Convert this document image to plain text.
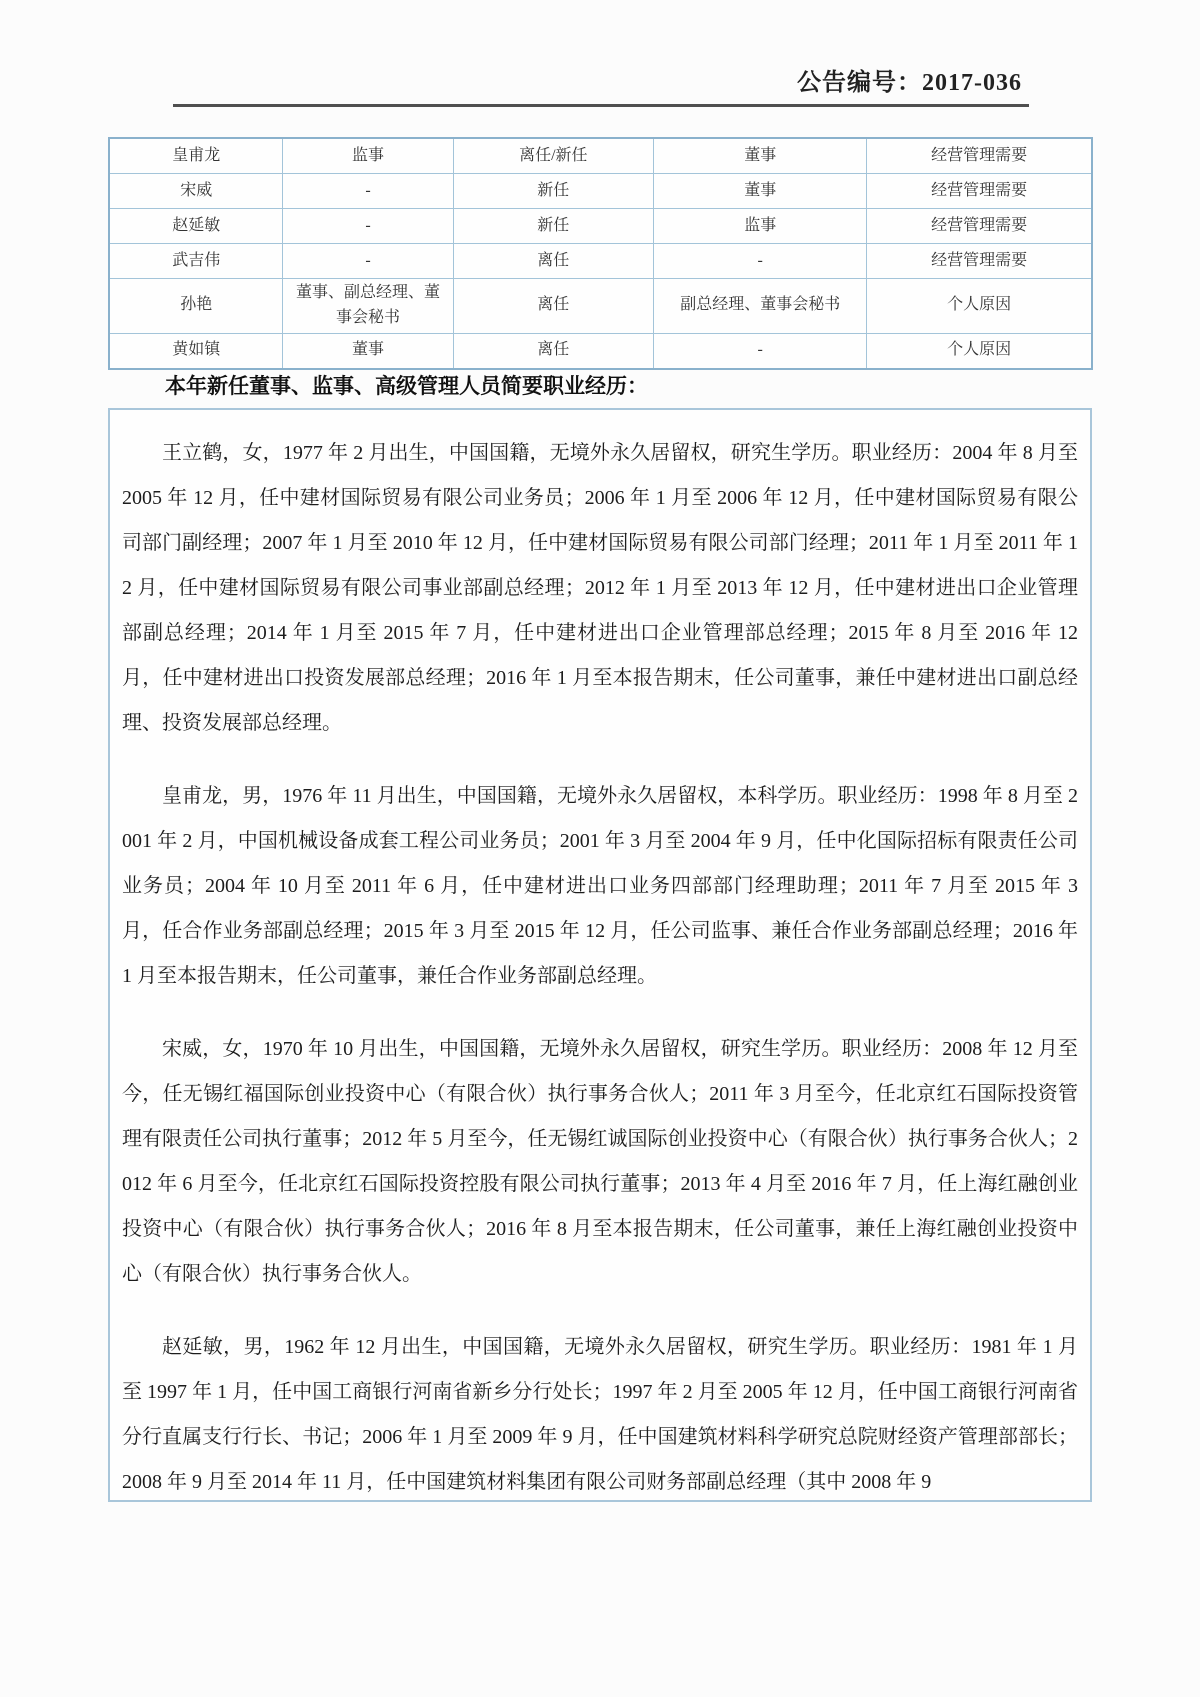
公告编号：2017-036
皇甫龙	监事	离任/新任	董事	经营管理需要
宋威	-	新任	董事	经营管理需要
赵延敏	-	新任	监事	经营管理需要
武吉伟	-	离任	-	经营管理需要
孙艳	董事、副总经理、董事会秘书	离任	副总经理、董事会秘书	个人原因
黄如镇	董事	离任	-	个人原因
本年新任董事、监事、高级管理人员简要职业经历：

王立鹤，女，1977 年 2 月出生，中国国籍，无境外永久居留权，研究生学历。职业经历：2004 年 8 月至 2005 年 12 月，任中建材国际贸易有限公司业务员；2006 年 1 月至 2006 年 12 月，任中建材国际贸易有限公司部门副经理；2007 年 1 月至 2010 年 12 月，任中建材国际贸易有限公司部门经理；2011 年 1 月至 2011 年 12 月，任中建材国际贸易有限公司事业部副总经理；2012 年 1 月至 2013 年 12 月，任中建材进出口企业管理部副总经理；2014 年 1 月至 2015 年 7 月，任中建材进出口企业管理部总经理；2015 年 8 月至 2016 年 12 月，任中建材进出口投资发展部总经理；2016 年 1 月至本报告期末，任公司董事，兼任中建材进出口副总经理、投资发展部总经理。

皇甫龙，男，1976 年 11 月出生，中国国籍，无境外永久居留权，本科学历。职业经历：1998 年 8 月至 2001 年 2 月，中国机械设备成套工程公司业务员；2001 年 3 月至 2004 年 9 月，任中化国际招标有限责任公司业务员；2004 年 10 月至 2011 年 6 月，任中建材进出口业务四部部门经理助理；2011 年 7 月至 2015 年 3 月，任合作业务部副总经理；2015 年 3 月至 2015 年 12 月，任公司监事、兼任合作业务部副总经理；2016 年 1 月至本报告期末，任公司董事，兼任合作业务部副总经理。

宋威，女，1970 年 10 月出生，中国国籍，无境外永久居留权，研究生学历。职业经历：2008 年 12 月至今，任无锡红福国际创业投资中心（有限合伙）执行事务合伙人；2011 年 3 月至今，任北京红石国际投资管理有限责任公司执行董事；2012 年 5 月至今，任无锡红诚国际创业投资中心（有限合伙）执行事务合伙人；2012 年 6 月至今，任北京红石国际投资控股有限公司执行董事；2013 年 4 月至 2016 年 7 月，任上海红融创业投资中心（有限合伙）执行事务合伙人；2016 年 8 月至本报告期末，任公司董事，兼任上海红融创业投资中心（有限合伙）执行事务合伙人。

赵延敏，男，1962 年 12 月出生，中国国籍，无境外永久居留权，研究生学历。职业经历：1981 年 1 月至 1997 年 1 月，任中国工商银行河南省新乡分行处长；1997 年 2 月至 2005 年 12 月，任中国工商银行河南省分行直属支行行长、书记；2006 年 1 月至 2009 年 9 月，任中国建筑材料科学研究总院财经资产管理部部长；2008 年 9 月至 2014 年 11 月，任中国建筑材料集团有限公司财务部副总经理（其中 2008 年 9
